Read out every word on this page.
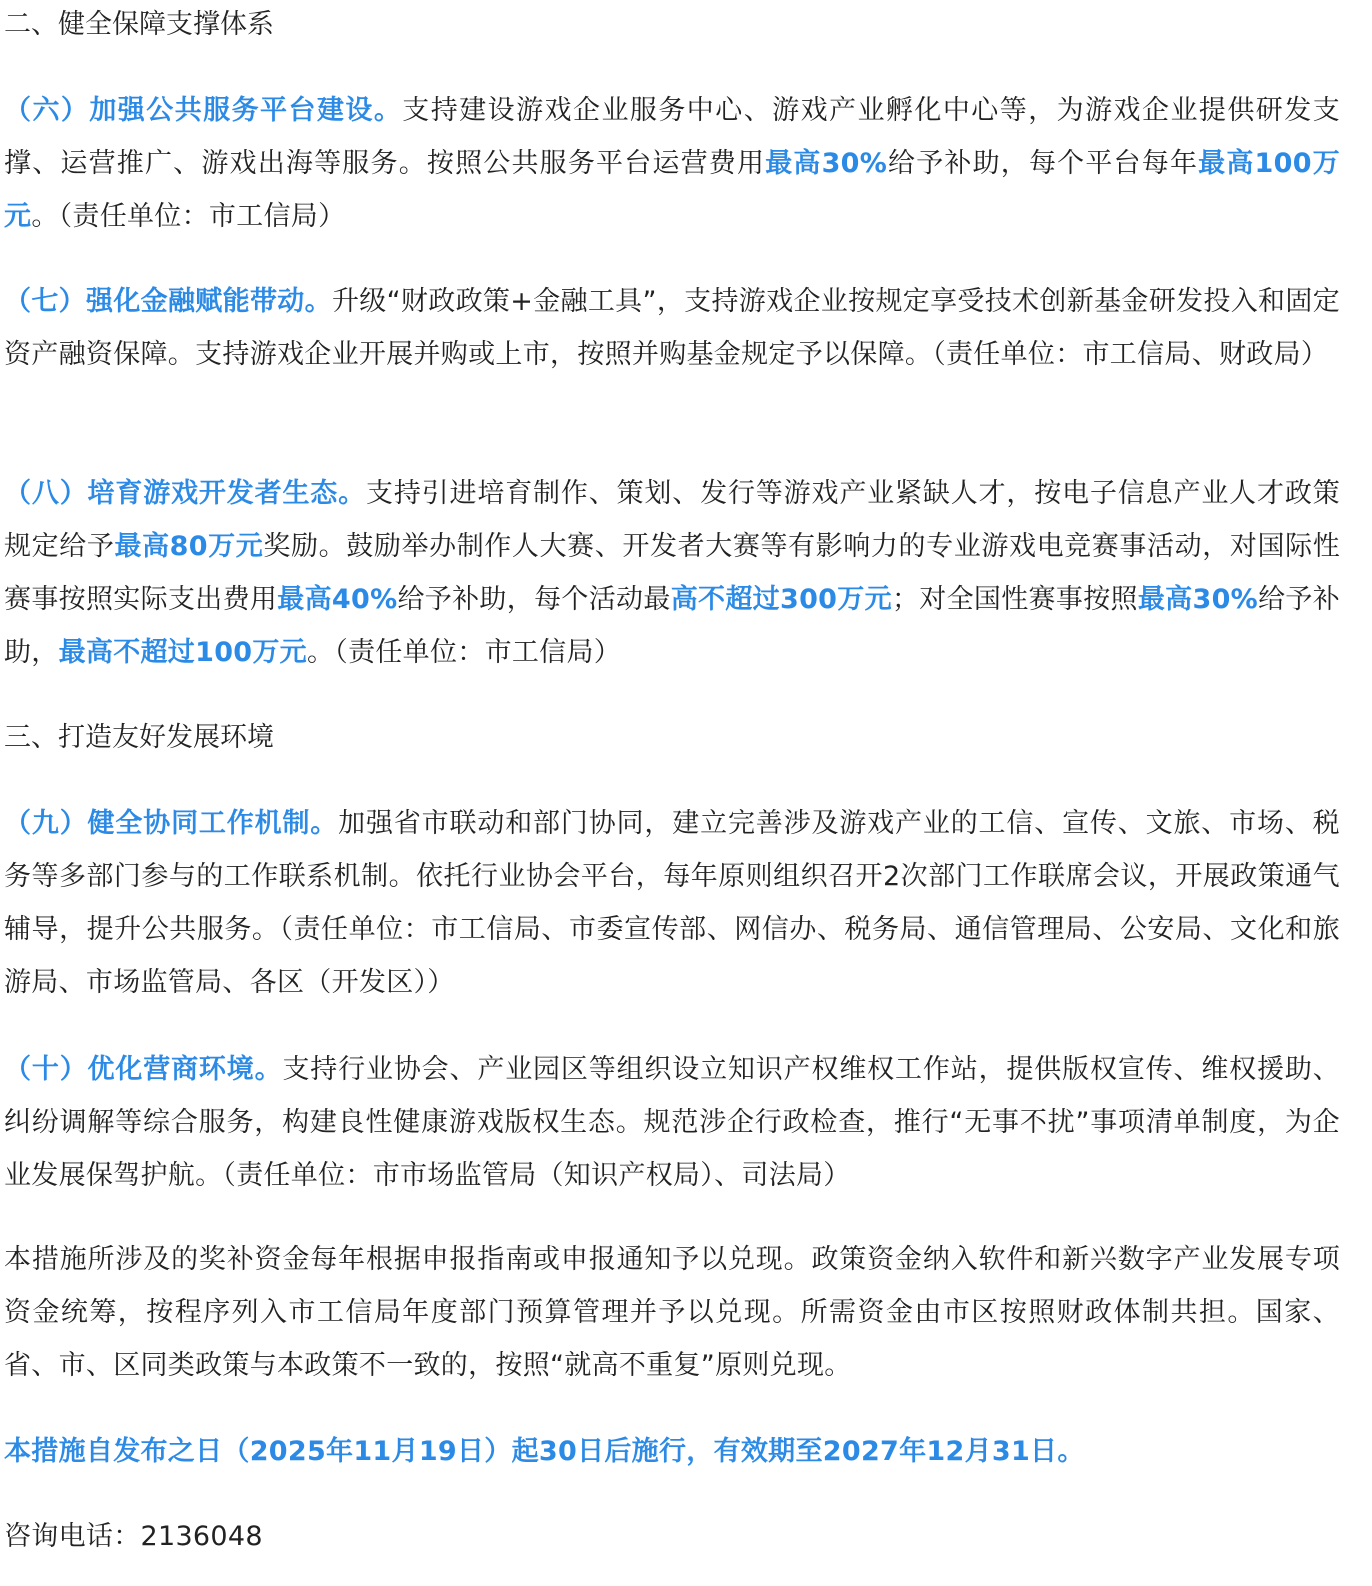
二、健全保障支撑体系

（六）加强公共服务平台建设。支持建设游戏企业服务中心、游戏产业孵化中心等，为游戏企业提供研发支撑、运营推广、游戏出海等服务。按照公共服务平台运营费用最高30%给予补助，每个平台每年最高100万元。（责任单位：市工信局）

（七）强化金融赋能带动。升级“财政政策+金融工具”，支持游戏企业按规定享受技术创新基金研发投入和固定资产融资保障。支持游戏企业开展并购或上市，按照并购基金规定予以保障。（责任单位：市工信局、财政局）

（八）培育游戏开发者生态。支持引进培育制作、策划、发行等游戏产业紧缺人才，按电子信息产业人才政策规定给予最高80万元奖励。鼓励举办制作人大赛、开发者大赛等有影响力的专业游戏电竞赛事活动，对国际性赛事按照实际支出费用最高40%给予补助，每个活动最高不超过300万元；对全国性赛事按照最高30%给予补助，最高不超过100万元。（责任单位：市工信局）

三、打造友好发展环境

（九）健全协同工作机制。加强省市联动和部门协同，建立完善涉及游戏产业的工信、宣传、文旅、市场、税务等多部门参与的工作联系机制。依托行业协会平台，每年原则组织召开2次部门工作联席会议，开展政策通气辅导，提升公共服务。（责任单位：市工信局、市委宣传部、网信办、税务局、通信管理局、公安局、文化和旅游局、市场监管局、各区（开发区））

（十）优化营商环境。支持行业协会、产业园区等组织设立知识产权维权工作站，提供版权宣传、维权援助、纠纷调解等综合服务，构建良性健康游戏版权生态。规范涉企行政检查，推行“无事不扰”事项清单制度，为企业发展保驾护航。（责任单位：市市场监管局（知识产权局）、司法局）

本措施所涉及的奖补资金每年根据申报指南或申报通知予以兑现。政策资金纳入软件和新兴数字产业发展专项资金统筹，按程序列入市工信局年度部门预算管理并予以兑现。所需资金由市区按照财政体制共担。国家、省、市、区同类政策与本政策不一致的，按照“就高不重复”原则兑现。

本措施自发布之日（2025年11月19日）起30日后施行，有效期至2027年12月31日。

咨询电话：2136048
